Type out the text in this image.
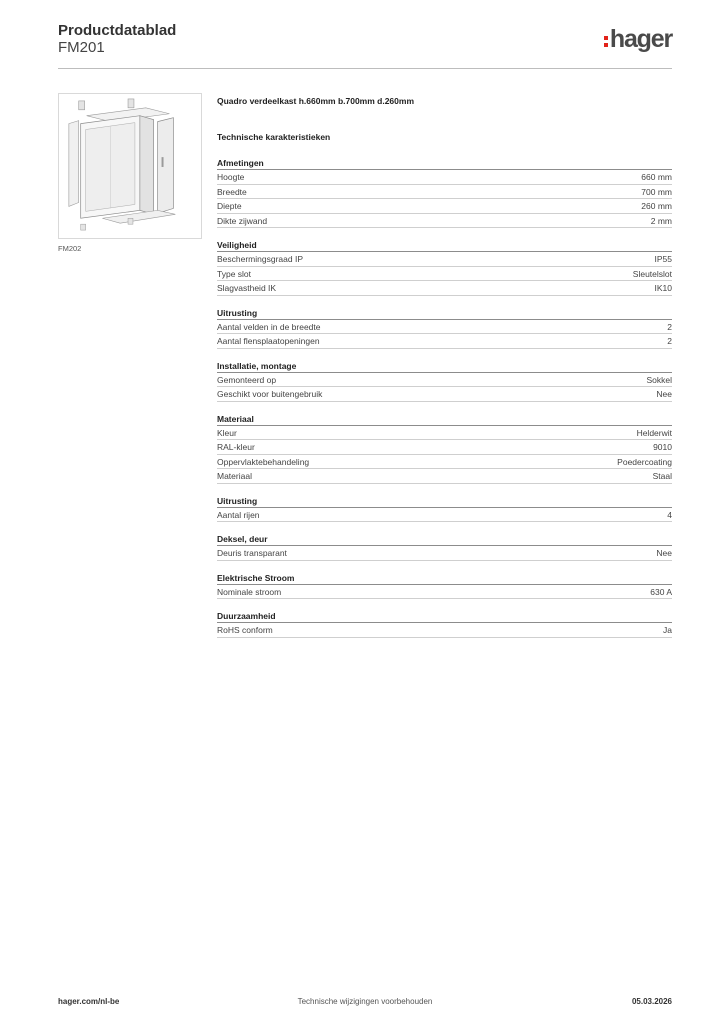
Productdatablad
FM201	hager
FM202
Quadro verdeelkast h.660mm b.700mm d.260mm
Technische karakteristieken
Afmetingen
Hoogte	660 mm
Breedte	700 mm
Diepte	260 mm
Dikte zijwand	2 mm
Veiligheid
Beschermingsgraad IP	IP55
Type slot	Sleutelslot
Slagvastheid IK	IK10
Uitrusting
Aantal velden in de breedte	2
Aantal flensplaatopeningen	2
Installatie, montage
Gemonteerd op	Sokkel
Geschikt voor buitengebruik	Nee
Materiaal
Kleur	Helderwit
RAL-kleur	9010
Oppervlaktebehandeling	Poedercoating
Materiaal	Staal
Uitrusting
Aantal rijen	4
Deksel, deur
Deuris transparant	Nee
Elektrische Stroom
Nominale stroom	630 A
Duurzaamheid
RoHS conform	Ja
hager.com/nl-be	Technische wijzigingen voorbehouden	05.03.2026
